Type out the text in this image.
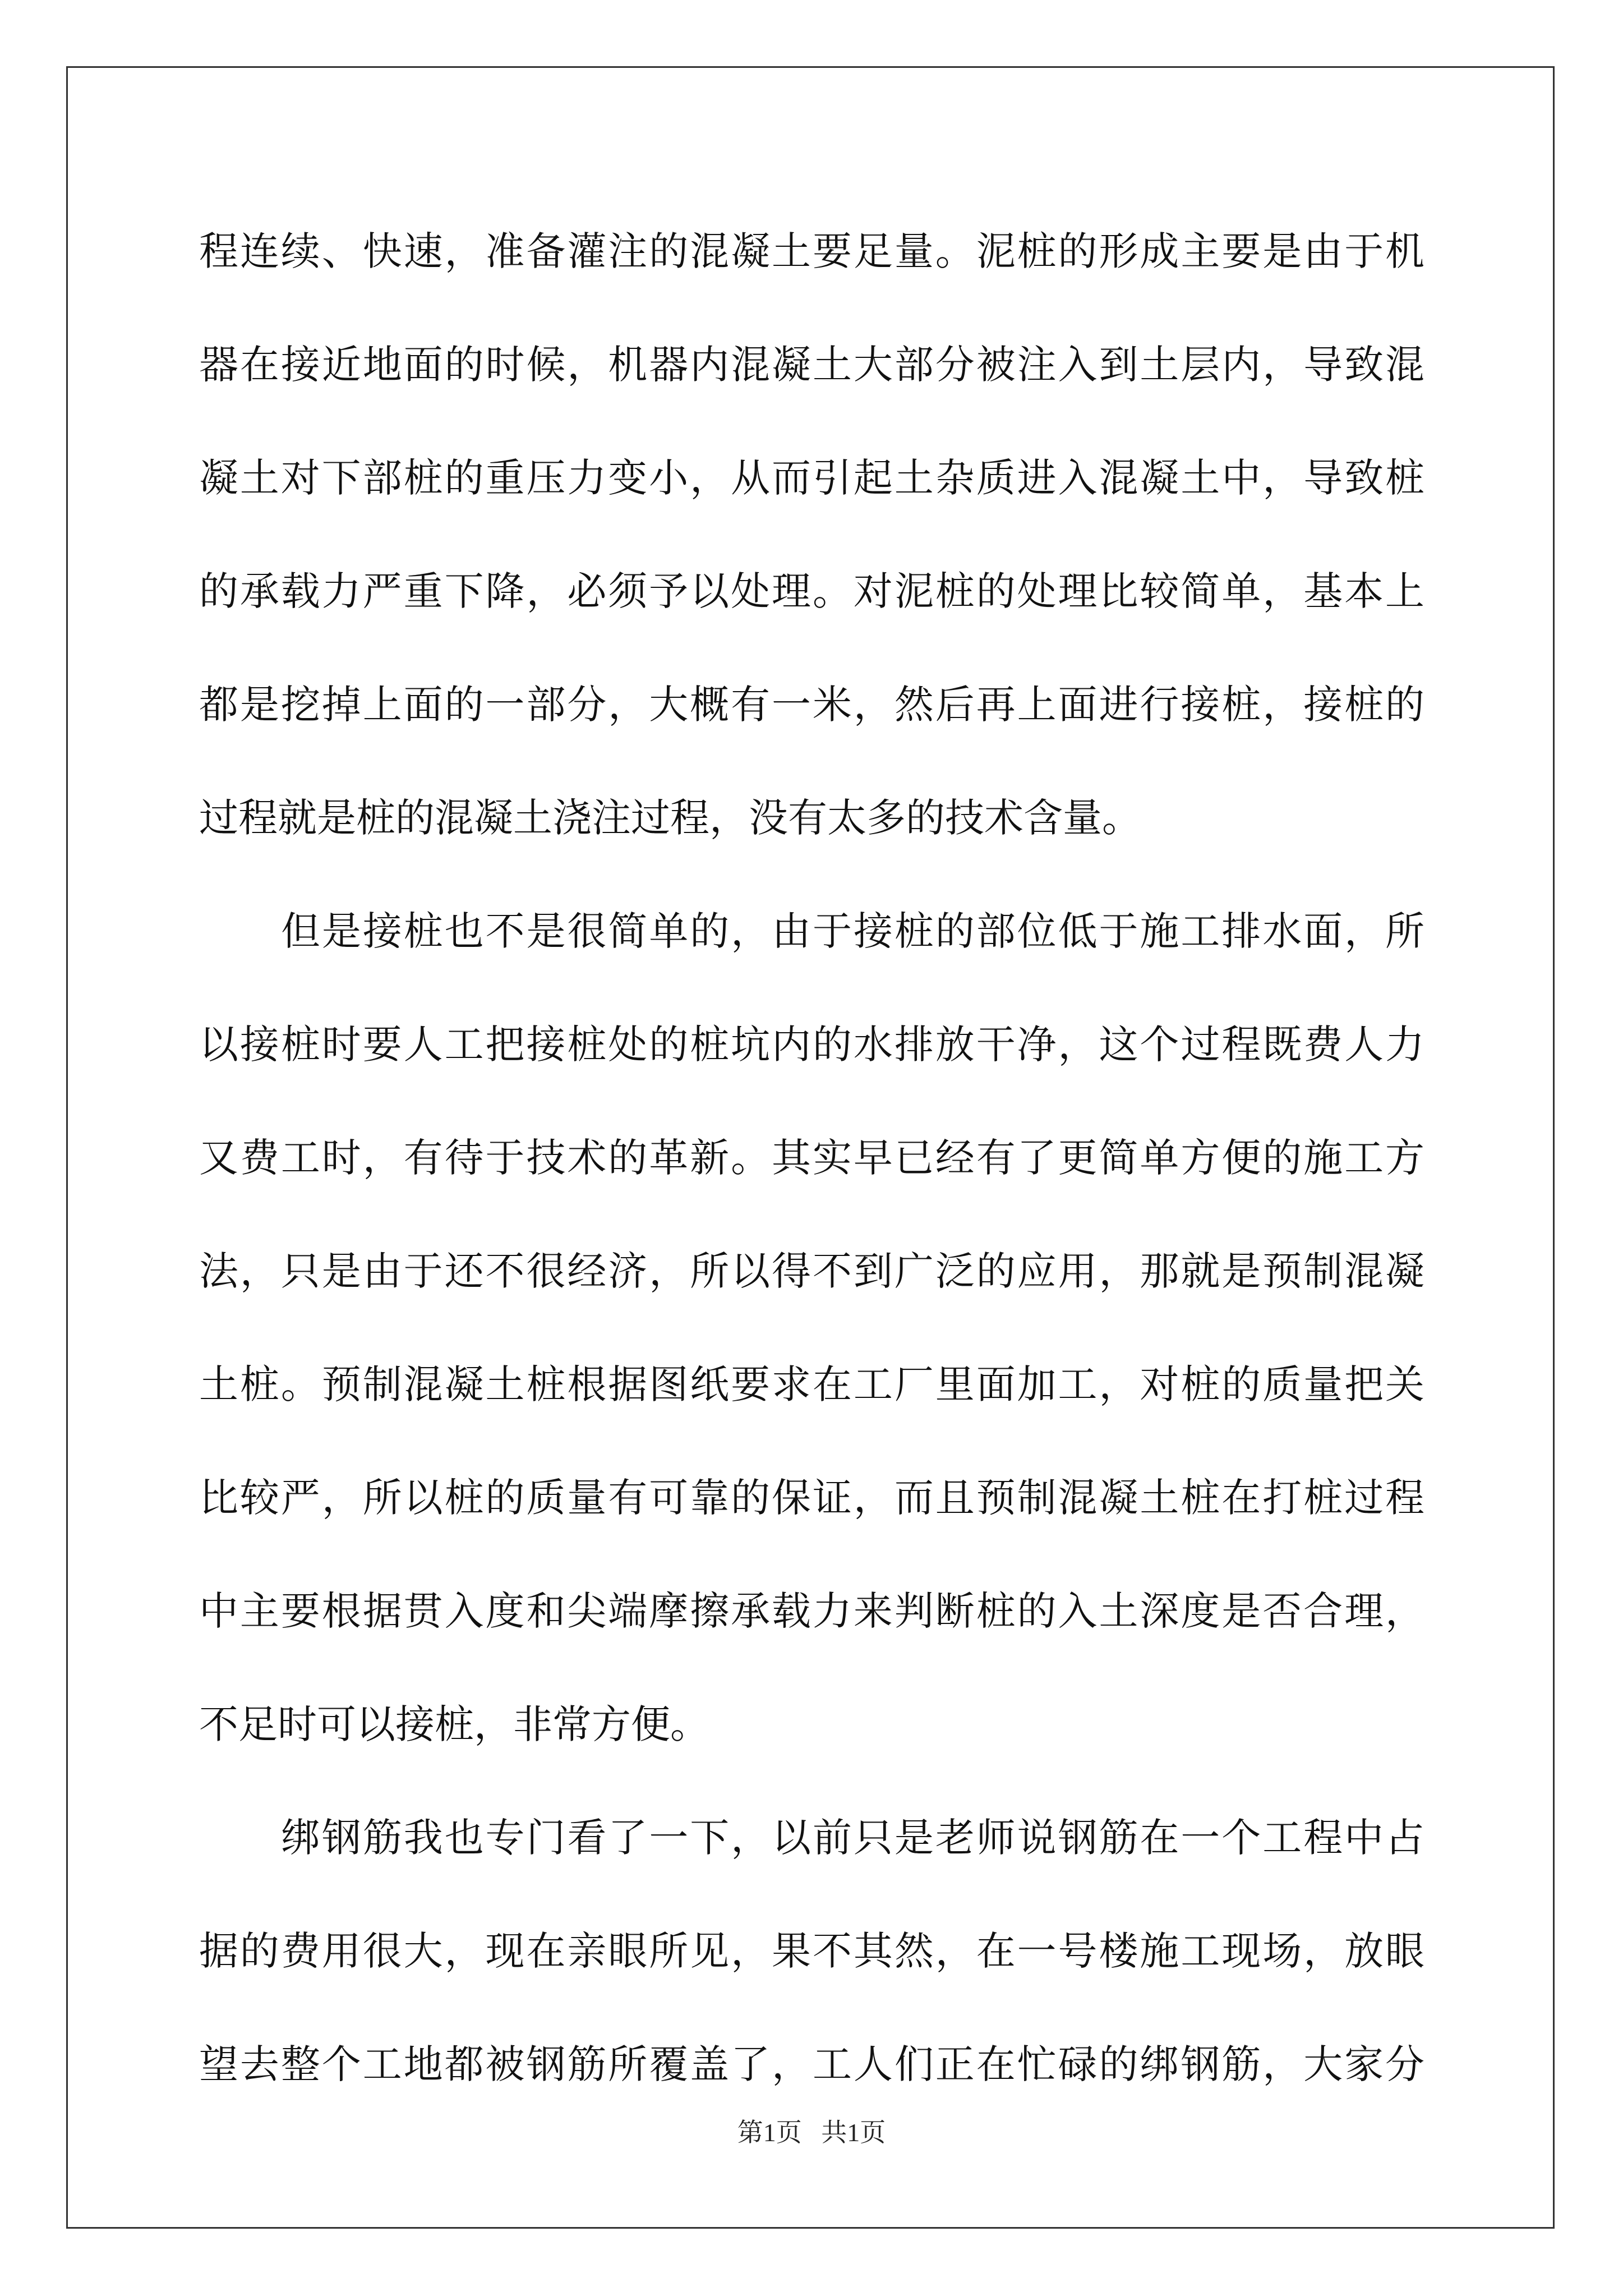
程连续、快速，准备灌注的混凝土要足量。泥桩的形成主要是由于机
器在接近地面的时候，机器内混凝土大部分被注入到土层内，导致混
凝土对下部桩的重压力变小，从而引起土杂质进入混凝土中，导致桩
的承载力严重下降，必须予以处理。对泥桩的处理比较简单，基本上
都是挖掉上面的一部分，大概有一米，然后再上面进行接桩，接桩的
过程就是桩的混凝土浇注过程，没有太多的技术含量。
但是接桩也不是很简单的，由于接桩的部位低于施工排水面，所
以接桩时要人工把接桩处的桩坑内的水排放干净，这个过程既费人力
又费工时，有待于技术的革新。其实早已经有了更简单方便的施工方
法，只是由于还不很经济，所以得不到广泛的应用，那就是预制混凝
土桩。预制混凝土桩根据图纸要求在工厂里面加工，对桩的质量把关
比较严，所以桩的质量有可靠的保证，而且预制混凝土桩在打桩过程
中主要根据贯入度和尖端摩擦承载力来判断桩的入土深度是否合理，
不足时可以接桩，非常方便。
绑钢筋我也专门看了一下，以前只是老师说钢筋在一个工程中占
据的费用很大，现在亲眼所见，果不其然，在一号楼施工现场，放眼
望去整个工地都被钢筋所覆盖了，工人们正在忙碌的绑钢筋，大家分
第1页 共1页
